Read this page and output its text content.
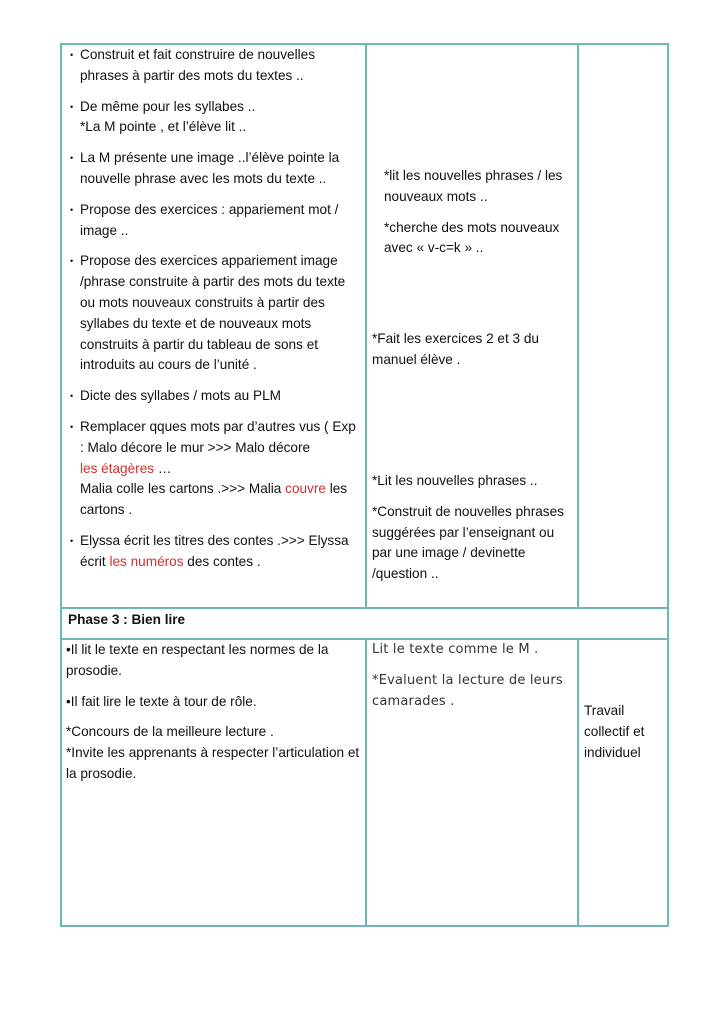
• Construit et fait construire de nouvelles phrases à partir des mots du textes ..

• De même pour les syllabes ..
*La M pointe , et l’élève lit ..

• La M présente une image ..l’élève pointe la nouvelle phrase avec les mots du texte ..

• Propose des exercices : appariement mot / image ..

• Propose des exercices appariement image /phrase construite à partir des mots du texte ou mots nouveaux construits à partir des syllabes du texte et de nouveaux mots construits à partir du tableau de sons et introduits au cours de l’unité .

• Dicte des syllabes / mots au PLM

• Remplacer qques mots par d’autres vus ( Exp : Malo décore le mur >>> Malo décore
les étagères …
Malia colle les cartons .>>> Malia couvre les cartons .

• Elyssa écrit les titres des contes .>>> Elyssa écrit les numéros des contes .

*lit les nouvelles phrases / les nouveaux mots ..

*cherche des mots nouveaux avec « v-c=k » ..

*Fait les exercices 2 et 3 du manuel élève .

*Lit les nouvelles phrases ..

*Construit de nouvelles phrases suggérées par l’enseignant ou par une image / devinette /question ..

Phase 3 : Bien lire

•Il lit le texte en respectant les normes de la prosodie.

•Il fait lire le texte à tour de rôle.

*Concours de la meilleure lecture .

*Invite les apprenants à respecter l’articulation et la prosodie.

Lit le texte comme le M .

*Evaluent la lecture de leurs camarades .

Travail collectif et individuel
